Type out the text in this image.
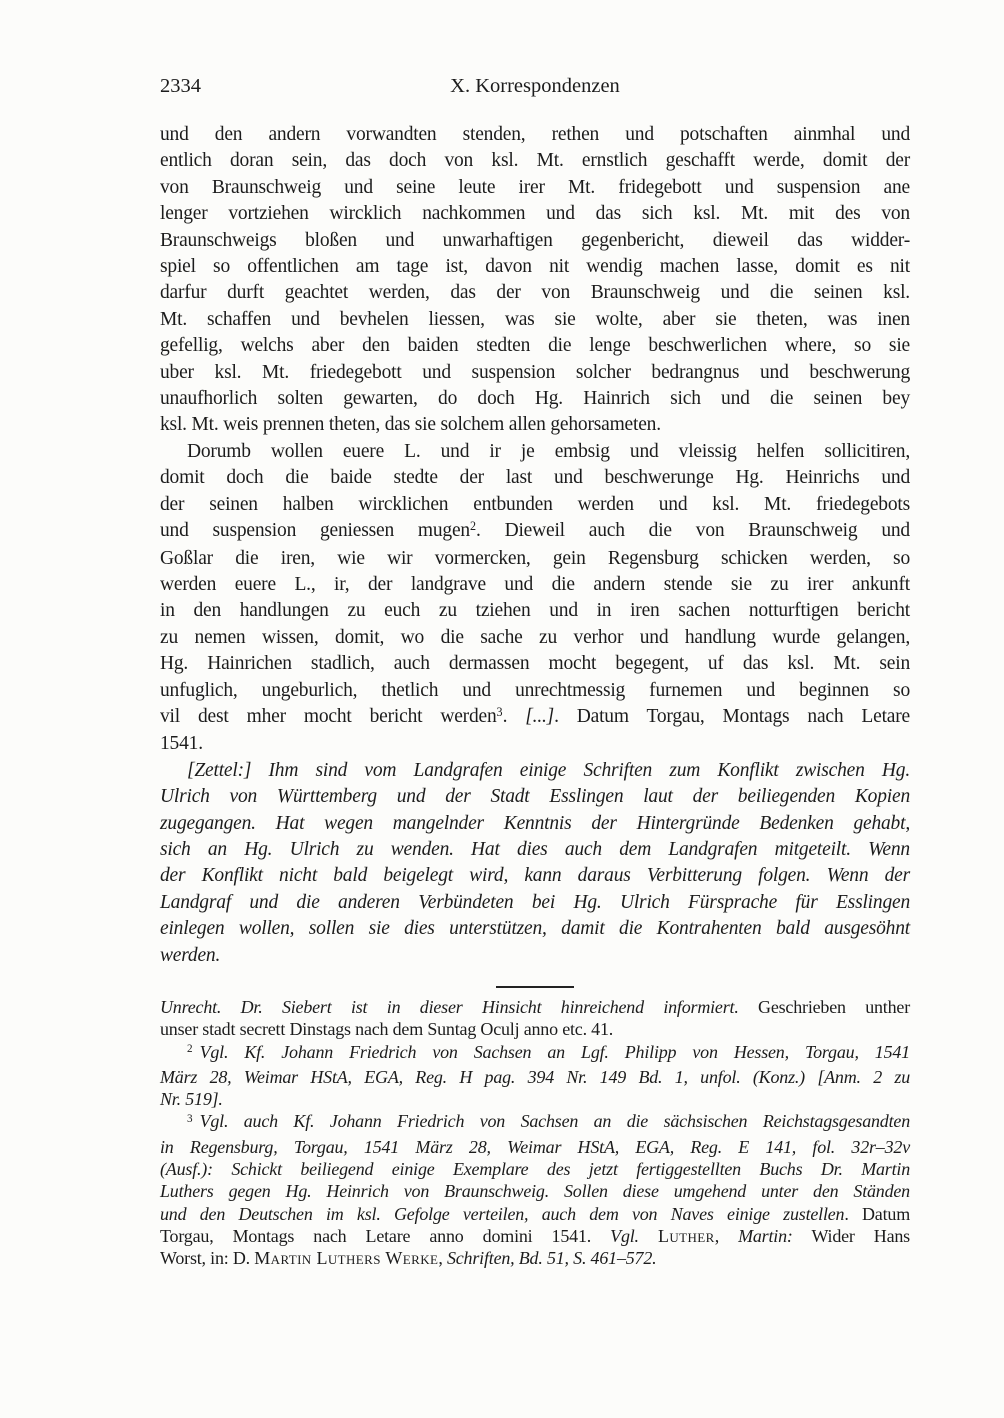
2334	X. Korrespondenzen
und den andern vorwandten stenden, rethen und potschaften ainmhal und
entlich doran sein, das doch von ksl. Mt. ernstlich geschafft werde, domit der
von Braunschweig und seine leute irer Mt. fridegebott und suspension ane
lenger vortziehen wircklich nachkommen und das sich ksl. Mt. mit des von
Braunschweigs bloßen und unwarhaftigen gegenbericht, dieweil das widder-
spiel so offentlichen am tage ist, davon nit wendig machen lasse, domit es nit
darfur durft geachtet werden, das der von Braunschweig und die seinen ksl.
Mt. schaffen und bevhelen liessen, was sie wolte, aber sie theten, was inen
gefellig, welchs aber den baiden stedten die lenge beschwerlichen where, so sie
uber ksl. Mt. friedegebott und suspension solcher bedrangnus und beschwerung
unaufhorlich solten gewarten, do doch Hg. Hainrich sich und die seinen bey
ksl. Mt. weis prennen theten, das sie solchem allen gehorsameten.
Dorumb wollen euere L. und ir je embsig und vleissig helfen sollicitiren,
domit doch die baide stedte der last und beschwerunge Hg. Heinrichs und
der seinen halben wircklichen entbunden werden und ksl. Mt. friedegebots
und suspension geniessen mugen$^2$. Dieweil auch die von Braunschweig und
Goßlar die iren, wie wir vormercken, gein Regensburg schicken werden, so
werden euere L., ir, der landgrave und die andern stende sie zu irer ankunft
in den handlungen zu euch zu tziehen und in iren sachen notturftigen bericht
zu nemen wissen, domit, wo die sache zu verhor und handlung wurde gelangen,
Hg. Hainrichen stadlich, auch dermassen mocht begegent, uf das ksl. Mt. sein
unfuglich, ungeburlich, thetlich und unrechtmessig furnemen und beginnen so
vil dest mher mocht bericht werden$^3$. [...]. Datum Torgau, Montags nach Letare
1541.
[Zettel:] Ihm sind vom Landgrafen einige Schriften zum Konflikt zwischen Hg.
Ulrich von Württemberg und der Stadt Esslingen laut der beiliegenden Kopien
zugegangen. Hat wegen mangelnder Kenntnis der Hintergründe Bedenken gehabt,
sich an Hg. Ulrich zu wenden. Hat dies auch dem Landgrafen mitgeteilt. Wenn
der Konflikt nicht bald beigelegt wird, kann daraus Verbitterung folgen. Wenn der
Landgraf und die anderen Verbündeten bei Hg. Ulrich Fürsprache für Esslingen
einlegen wollen, sollen sie dies unterstützen, damit die Kontrahenten bald ausgesöhnt
werden.
Unrecht. Dr. Siebert ist in dieser Hinsicht hinreichend informiert. Geschrieben unther
unser stadt secrett Dinstags nach dem Suntag Oculj anno etc. 41.
$^2$ Vgl. Kf. Johann Friedrich von Sachsen an Lgf. Philipp von Hessen, Torgau, 1541
März 28, Weimar HStA, EGA, Reg. H pag. 394 Nr. 149 Bd. 1, unfol. (Konz.) [Anm. 2 zu
Nr. 519].
$^3$ Vgl. auch Kf. Johann Friedrich von Sachsen an die sächsischen Reichstagsgesandten
in Regensburg, Torgau, 1541 März 28, Weimar HStA, EGA, Reg. E 141, fol. 32r–32v
(Ausf.): Schickt beiliegend einige Exemplare des jetzt fertiggestellten Buchs Dr. Martin
Luthers gegen Hg. Heinrich von Braunschweig. Sollen diese umgehend unter den Ständen
und den Deutschen im ksl. Gefolge verteilen, auch dem von Naves einige zustellen. Datum
Torgau, Montags nach Letare anno domini 1541. Vgl. Luther, Martin: Wider Hans
Worst, in: D. Martin Luthers Werke, Schriften, Bd. 51, S. 461–572.
